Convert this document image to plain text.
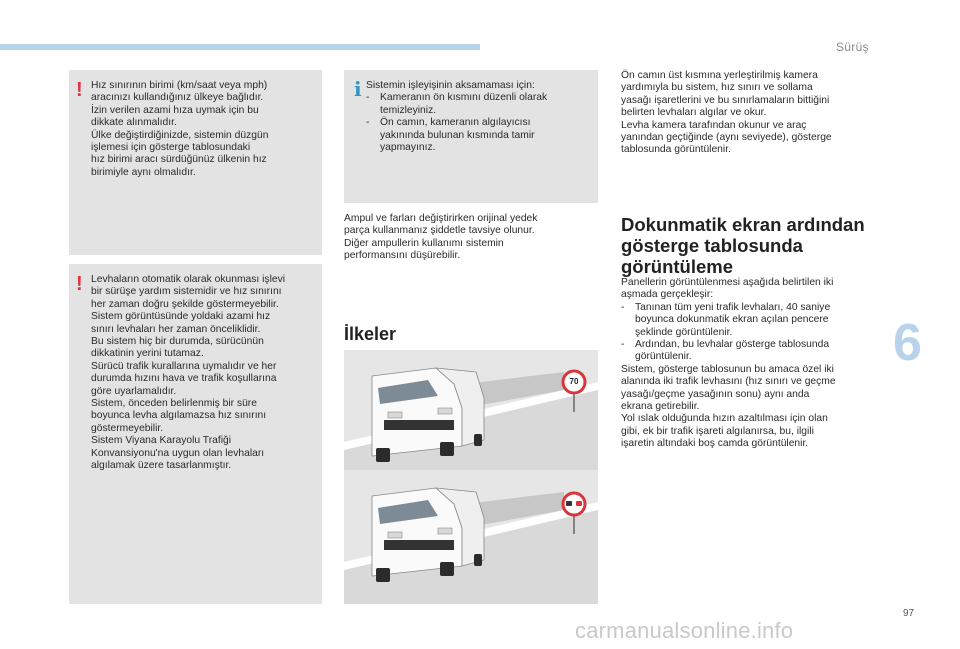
Sürüş
6
! Hız sınırının birimi (km/saat veya mph)

aracınızı kullandığınız ülkeye bağlıdır.

İzin verilen azami hıza uymak için bu

dikkate alınmalıdır.

Ülke değiştirdiğinizde, sistemin düzgün

işlemesi için gösterge tablosundaki

hız birimi aracı sürdüğünüz ülkenin hız

birimiyle aynı olmalıdır.

! Levhaların otomatik olarak okunması işlevi

bir sürüşe yardım sistemidir ve hız sınırını

her zaman doğru şekilde göstermeyebilir.

Sistem görüntüsünde yoldaki azami hız

sınırı levhaları her zaman önceliklidir.

Bu sistem hiç bir durumda, sürücünün

dikkatinin yerini tutamaz.

Sürücü trafik kurallarına uymalıdır ve her

durumda hızını hava ve trafik koşullarına

göre uyarlamalıdır.

Sistem, önceden belirlenmiş bir süre

boyunca levha algılamazsa hız sınırını

göstermeyebilir.

Sistem Viyana Karayolu Trafiği

Konvansiyonu'na uygun olan levhaları

algılamak üzere tasarlanmıştır.

i Sistemin işleyişinin aksamaması için:

-	Kameranın ön kısmını düzenli olarak

temizleyiniz.

-	Ön camın, kameranın algılayıcısı

yakınında bulunan kısmında tamir

yapmayınız.

Ampul ve farları değiştirirken orijinal yedek

parça kullanmanız şiddetle tavsiye olunur.

Diğer ampullerin kullanımı sistemin

performansını düşürebilir.

İlkeler
70

Ön camın üst kısmına yerleştirilmiş kamera

yardımıyla bu sistem, hız sınırı ve sollama

yasağı işaretlerini ve bu sınırlamaların bittiğini

belirten levhaları algılar ve okur.

Levha kamera tarafından okunur ve araç

yanından geçtiğinde (aynı seviyede), gösterge

tablosunda görüntülenir.

Dokunmatik ekran ardından
gösterge tablosunda
görüntüleme

Panellerin görüntülenmesi aşağıda belirtilen iki

aşmada gerçekleşir:

-	Tanınan tüm yeni trafik levhaları, 40 saniye

boyunca dokunmatik ekran açılan pencere

şeklinde görüntülenir.

-	Ardından, bu levhalar gösterge tablosunda

görüntülenir.

Sistem, gösterge tablosunun bu amaca özel iki

alanında iki trafik levhasını (hız sınırı ve geçme

yasağı/geçme yasağının sonu) aynı anda

ekrana getirebilir.

Yol ıslak olduğunda hızın azaltılması için olan

gibi, ek bir trafik işareti algılanırsa, bu, ilgili

işaretin altındaki boş camda görüntülenir.

97
carmanualsonline.info
